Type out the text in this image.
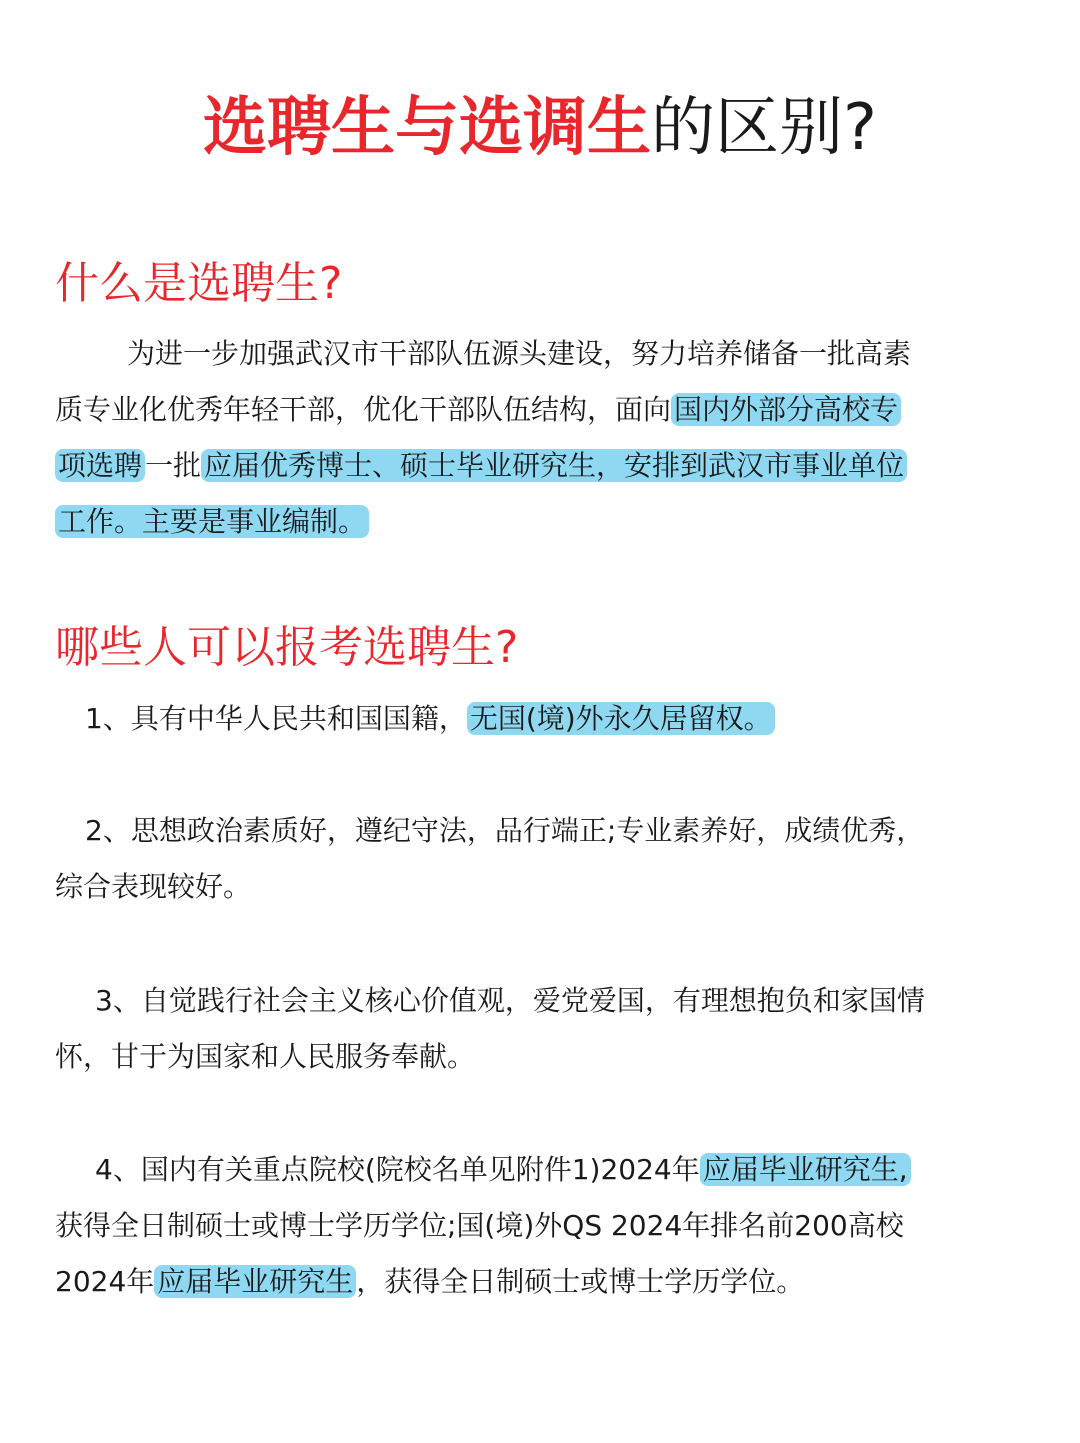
选聘生与选调生的区别?
什么是选聘生?
为进一步加强武汉市干部队伍源头建设，努力培养储备一批高素
质专业化优秀年轻干部，优化干部队伍结构，面向 国内外部分高校专
项选聘 一批 应届优秀博士、硕士毕业研究生，安排到武汉市事业单位
工作。主要是事业编制。
哪些人可以报考选聘生?
1、具有中华人民共和国国籍， 无国(境)外永久居留权。
2、思想政治素质好，遵纪守法，品行端正;专业素养好，成绩优秀，
综合表现较好。
3、自觉践行社会主义核心价值观，爱党爱国，有理想抱负和家国情
怀，甘于为国家和人民服务奉献。
4、国内有关重点院校(院校名单见附件1)2024年 应届毕业研究生,
获得全日制硕士或博士学历学位;国(境)外QS 2024年排名前200高校
2024年 应届毕业研究生 ，获得全日制硕士或博士学历学位。
